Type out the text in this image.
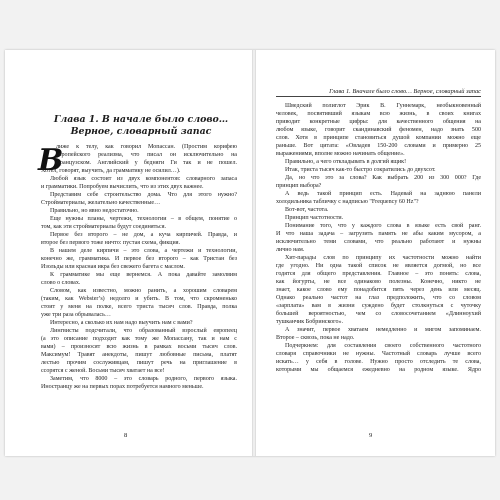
Глава 1. В начале было слово…
Верное, словарный запас
В
лижe к телу, как говорил Мопассан. (Простим корифею
европейского реализма, что писал он исключительно на
французском. Английский у бедняги Ги так и не пошел.
Хотел, говорят, выучить, да грамматику не осилил…).
Любой язык состоит из двух компонентов: словарного запаса
и грамматики. Попробуем вычислить, что из этих двух важнее.
Представим себе строительство дома. Что для этого нужно?
Стройматериалы, желательно качественные…
Правильно, но явно недостаточно.
Еще нужны планы, чертежи, технологии – в общем, понятие о
том, как эти стройматериалы будут соединяться.
Первое без второго – не дом, а куча кирпичей. Правда, и
второе без первого тоже ничто: пустая схема, фикция.
В нашем деле кирпичи – это слова, а чертежи и технологии,
конечно же, грамматика. И первое без второго – как Тристан без
Изольды или красная икра без свежего багета с маслом.
К грамматике мы еще вернемся. А пока давайте замолвим
словo о словах.
Словом, как известно, можно ранить, а хорошим словарем
(таким, как Webster’s) недолго и убить. В том, что скромненько
стоит у меня на полке, всего триста тысяч слов. Правда, полка
уже три раза обрывалась…
Интересно, а сколько их нам надо выучить нам с вами?
Лингвисты подсчитали, что образованный взрослый европеец
(а это описание подходит как тому же Мопассану, так и нам с
вами) – произносят всю жизнь в рамках восьми тысяч слов.
Максимум! Травят анекдоты, пишут любовные письма, платят
лестью прочим сослуживцам, пишут речь на приглашение в
ссорятся с женой. Восьми тысяч хватает на все!
Заметим, что 8000 – это словарь родного, первого языка.
Иностранцу же на первых порах потребуется намного меньше.
8
Глава 1. Вначале было слово… Верное, словарный запас
Шведский полиглот Эрик В. Гуннемарк, необыкновенный
человек, посвятивший языкам всю жизнь, в своих книгах
приводит конкретные цифры: для качественного общения на
любом языке, говорит скандинавский феномен, надо знать 500
слов. Хотя в принципе становиться душой компании можно еще
раньше. Вот цитата: «Овладев 150-200 словами и примерно 25
выражениями, вполне можно начинать общение».
Правильно, а чего откладывать в долгий ящик!
Итак, триста тысяч как-то быстро сократились до двухсот.
Да, но что это за слова? Как выбрать 200 из 300 000? Где
принцип выбора?
А ведь такой принцип есть. Надевай на заднюю панели
холодильника табличку с надписью "Frequency 60 Hz"?
Вот-вот, частота.
Принцип частотности.
Понимание того, что у каждого слова в языке есть свой ранг.
И что наша задача – загрузить память не абы каким мусором, а
исключительно теми словами, что реально работают и нужны
лично нам.
Хит-парады слов по принципу их частотности можно найти
где угодно. Ни одна такой список не является догмой, но все
годятся для общего представления. Главное – это понять: слова,
как йогурты, не все одинаково полезны. Конечно, никто не
знает, какое слово ему понадобится пять через день или месяц.
Однако реально частот на глаз предположить, что со словом
«зарплата» вам в жизни суждено будет столкнуться с чуточку
большей вероятностью, чем со словосочетанием «Длинноухий
тушканчик Бобринского».
А значит, первое хватаем немедленно и мигом запоминаем.
Второе – сквозь, пока не надо.
Подчеркнем: для составления своего собственного частотного
словаря справочники не нужны. Частотный словарь лучше всего
искать… у себя в голове. Нужно просто отследить те слова,
которыми мы общаемся ежедневно на родном языке. Ядро
9
